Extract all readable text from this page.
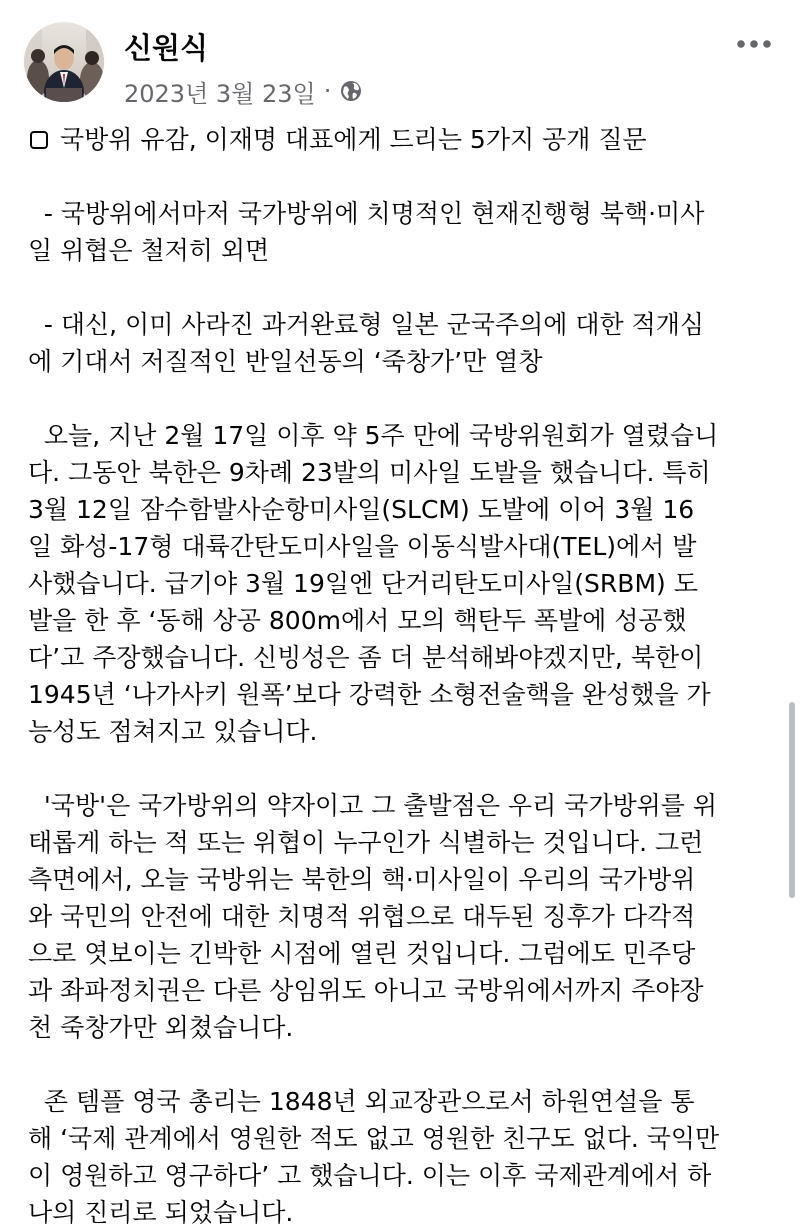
신원식
2023년 3월 23일 ·
국방위 유감, 이재명 대표에게 드리는 5가지 공개 질문
- 국방위에서마저 국가방위에 치명적인 현재진행형 북핵·미사
일 위협은 철저히 외면
- 대신, 이미 사라진 과거완료형 일본 군국주의에 대한 적개심
에 기대서 저질적인 반일선동의 ‘죽창가’만 열창
오늘, 지난 2월 17일 이후 약 5주 만에 국방위원회가 열렸습니
다. 그동안 북한은 9차례 23발의 미사일 도발을 했습니다. 특히
3월 12일 잠수함발사순항미사일(SLCM) 도발에 이어 3월 16
일 화성-17형 대륙간탄도미사일을 이동식발사대(TEL)에서 발
사했습니다. 급기야 3월 19일엔 단거리탄도미사일(SRBM) 도
발을 한 후 ‘동해 상공 800m에서 모의 핵탄두 폭발에 성공했
다’고 주장했습니다. 신빙성은 좀 더 분석해봐야겠지만, 북한이
1945년 ‘나가사키 원폭’보다 강력한 소형전술핵을 완성했을 가
능성도 점쳐지고 있습니다.
'국방'은 국가방위의 약자이고 그 출발점은 우리 국가방위를 위
태롭게 하는 적 또는 위협이 누구인가 식별하는 것입니다. 그런
측면에서, 오늘 국방위는 북한의 핵·미사일이 우리의 국가방위
와 국민의 안전에 대한 치명적 위협으로 대두된 징후가 다각적
으로 엿보이는 긴박한 시점에 열린 것입니다. 그럼에도 민주당
과 좌파정치권은 다른 상임위도 아니고 국방위에서까지 주야장
천 죽창가만 외쳤습니다.
존 템플 영국 총리는 1848년 외교장관으로서 하원연설을 통
해 ‘국제 관계에서 영원한 적도 없고 영원한 친구도 없다. 국익만
이 영원하고 영구하다’ 고 했습니다. 이는 이후 국제관계에서 하
나의 진리로 되었습니다.
